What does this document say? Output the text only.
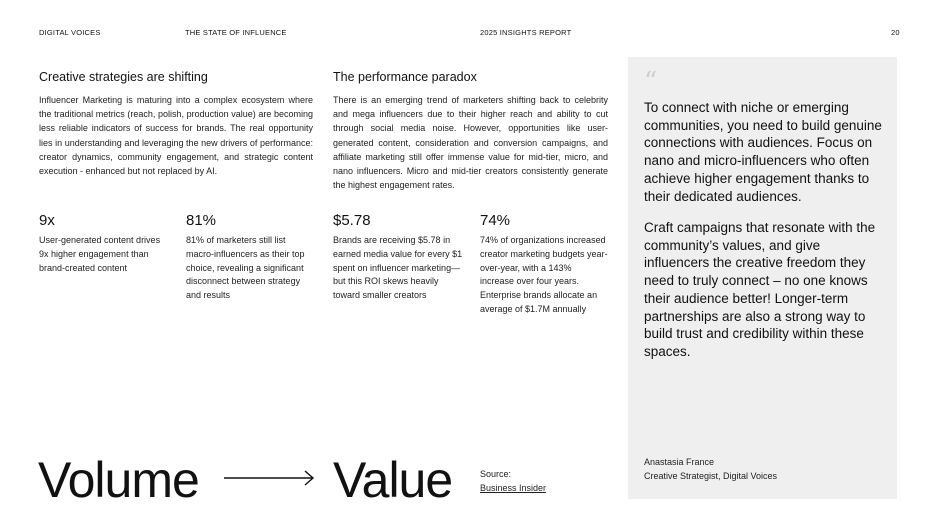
DIGITAL VOICES	THE STATE OF INFLUENCE	2025 INSIGHTS REPORT	20
Creative strategies are shifting
Influencer Marketing is maturing into a complex ecosystem where the traditional metrics (reach, polish, production value) are becoming less reliable indicators of success for brands. The real opportunity lies in understanding and leveraging the new drivers of performance: creator dynamics, community engagement, and strategic content execution - enhanced but not replaced by AI.
The performance paradox
There is an emerging trend of marketers shifting back to celebrity and mega influencers due to their higher reach and ability to cut through social media noise. However, opportunities like user-generated content, consideration and conversion campaigns, and affiliate marketing still offer immense value for mid-tier, micro, and nano influencers. Micro and mid-tier creators consistently generate the highest engagement rates.
9x
User-generated content drives 9x higher engagement than brand-created content
81%
81% of marketers still list macro-influencers as their top choice, revealing a significant disconnect between strategy and results
$5.78
Brands are receiving $5.78 in earned media value for every $1 spent on influencer marketing—but this ROI skews heavily toward smaller creators
74%
74% of organizations increased creator marketing budgets year-over-year, with a 143% increase over four years. Enterprise brands allocate an average of $1.7M annually
Volume	Value	Source:
Business Insider
“
To connect with niche or emerging communities, you need to build genuine connections with audiences. Focus on nano and micro-influencers who often achieve higher engagement thanks to their dedicated audiences.
Craft campaigns that resonate with the community’s values, and give influencers the creative freedom they need to truly connect – no one knows their audience better! Longer-term partnerships are also a strong way to build trust and credibility within these spaces.
Anastasia France
Creative Strategist, Digital Voices
